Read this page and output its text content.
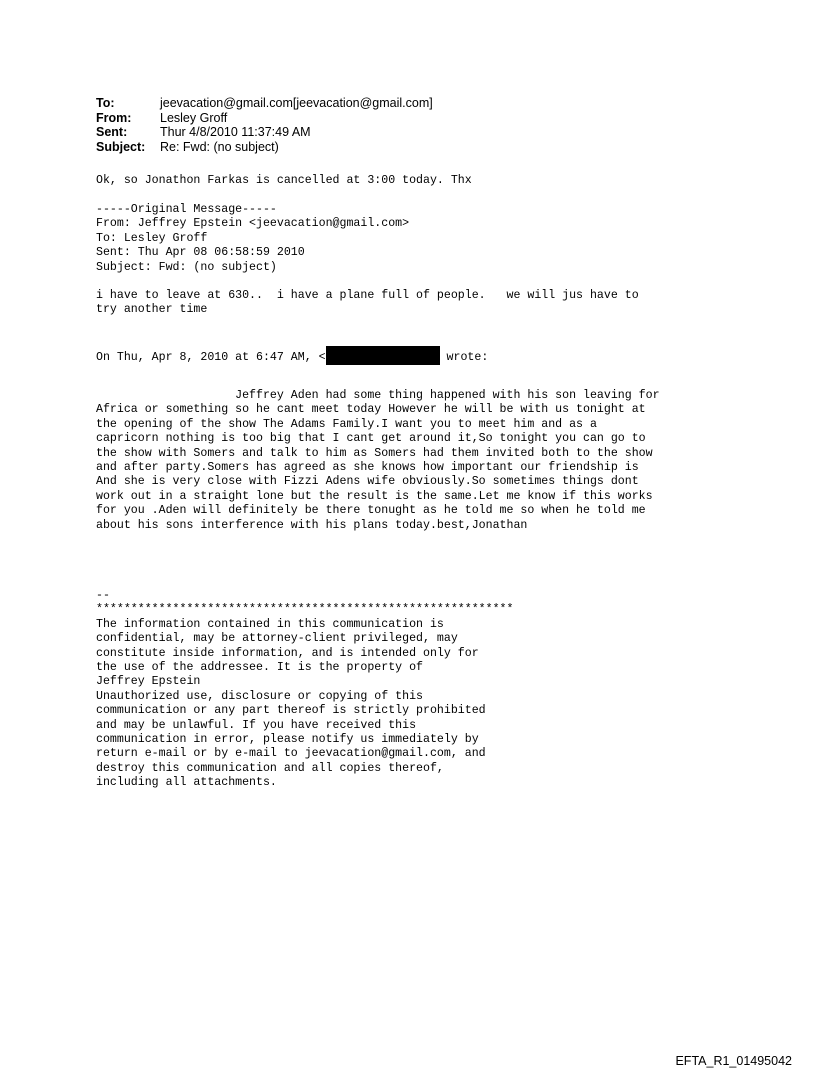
To:	jeevacation@gmail.com[jeevacation@gmail.com]
From:	Lesley Groff
Sent:	Thur 4/8/2010 11:37:49 AM
Subject:	Re: Fwd: (no subject)
Ok, so Jonathon Farkas is cancelled at 3:00 today. Thx
-----Original Message-----
From: Jeffrey Epstein <jeevacation@gmail.com>
To: Lesley Groff
Sent: Thu Apr 08 06:58:59 2010
Subject: Fwd: (no subject)
i have to leave at 630..  i have a plane full of people.   we will jus have to
try another time
On Thu, Apr 8, 2010 at 6:47 AM, <	wrote:
Jeffrey Aden had some thing happened with his son leaving for
Africa or something so he cant meet today However he will be with us tonight at
the opening of the show The Adams Family.I want you to meet him and as a
capricorn nothing is too big that I cant get around it,So tonight you can go to
the show with Somers and talk to him as Somers had them invited both to the show
and after party.Somers has agreed as she knows how important our friendship is
And she is very close with Fizzi Adens wife obviously.So sometimes things dont
work out in a straight lone but the result is the same.Let me know if this works
for you .Aden will definitely be there tonught as he told me so when he told me
about his sons interference with his plans today.best,Jonathan
--
************************************************************
The information contained in this communication is
confidential, may be attorney-client privileged, may
constitute inside information, and is intended only for
the use of the addressee. It is the property of
Jeffrey Epstein
Unauthorized use, disclosure or copying of this
communication or any part thereof is strictly prohibited
and may be unlawful. If you have received this
communication in error, please notify us immediately by
return e-mail or by e-mail to jeevacation@gmail.com, and
destroy this communication and all copies thereof,
including all attachments.
EFTA_R1_01495042
